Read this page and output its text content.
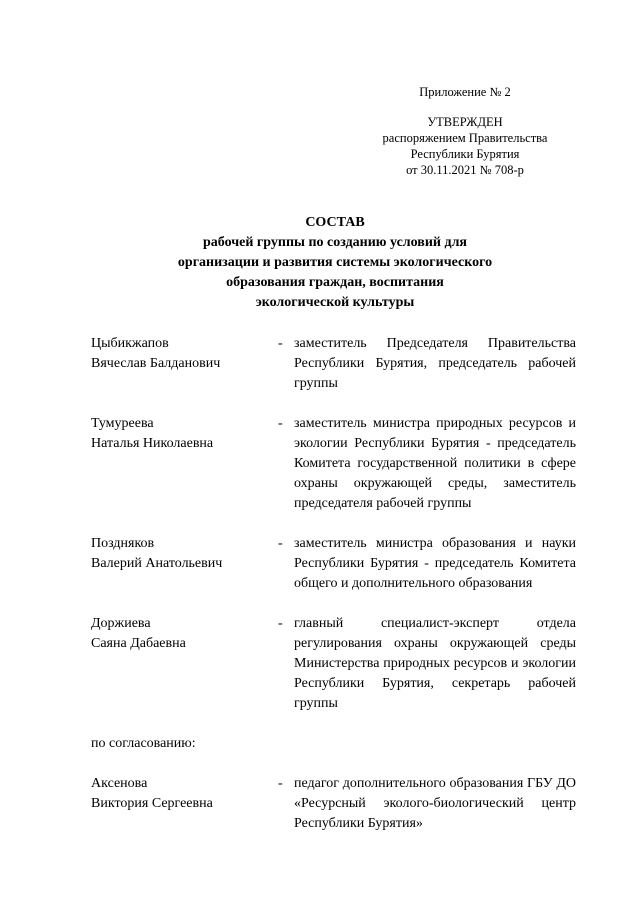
Приложение № 2
УТВЕРЖДЕН
распоряжением Правительства
Республики Бурятия
от 30.11.2021 № 708-р
СОСТАВ
рабочей группы по созданию условий для
организации и развития системы экологического
образования граждан, воспитания
экологической культуры
Цыбикжапов
Вячеслав Балданович
- заместитель Председателя Правительства Республики Бурятия, председатель рабочей группы
Тумуреева
Наталья Николаевна
- заместитель министра природных ресурсов и экологии Республики Бурятия - председатель Комитета государственной политики в сфере охраны окружающей среды, заместитель председателя рабочей группы
Поздняков
Валерий Анатольевич
- заместитель министра образования и науки Республики Бурятия - председатель Комитета общего и дополнительного образования
Доржиева
Саяна Дабаевна
- главный специалист-эксперт отдела регулирования охраны окружающей среды Министерства природных ресурсов и экологии Республики Бурятия, секретарь рабочей группы
по согласованию:
Аксенова
Виктория Сергеевна
- педагог дополнительного образования ГБУ ДО «Ресурсный эколого-биологический центр Республики Бурятия»
